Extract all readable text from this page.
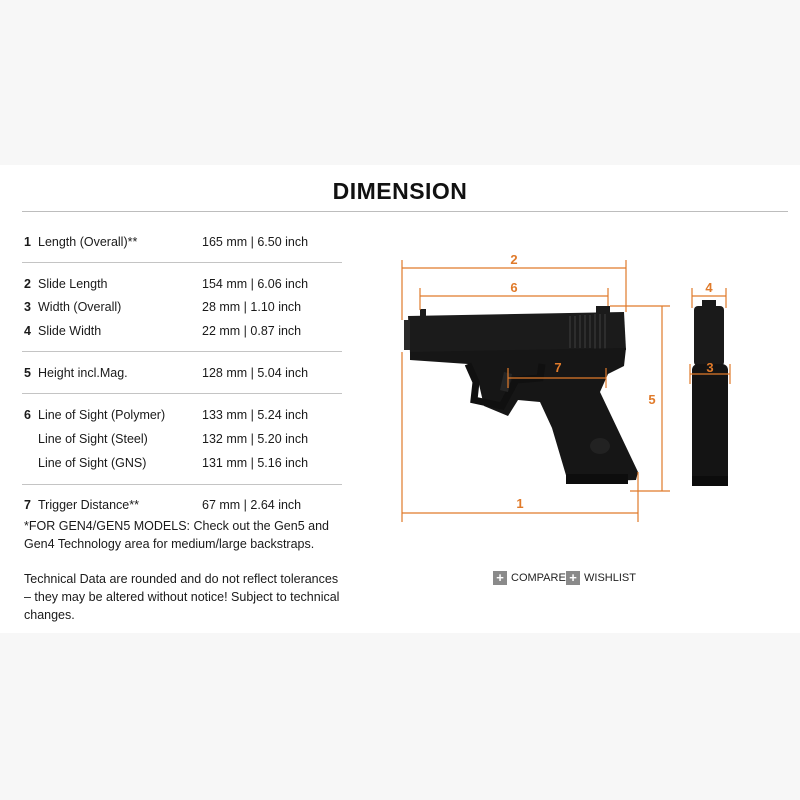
DIMENSION
1 Length (Overall)**	165 mm | 6.50 inch
2 Slide Length	154 mm | 6.06 inch
3 Width (Overall)	28 mm | 1.10 inch
4 Slide Width	22 mm | 0.87 inch
5 Height incl.Mag.	128 mm | 5.04 inch
6 Line of Sight (Polymer)	133 mm | 5.24 inch
Line of Sight (Steel)	132 mm | 5.20 inch
Line of Sight (GNS)	131 mm | 5.16 inch
7 Trigger Distance**	67 mm | 2.64 inch
*FOR GEN4/GEN5 MODELS: Check out the Gen5 and Gen4 Technology area for medium/large backstraps.
Technical Data are rounded and do not reflect tolerances – they may be altered without notice! Subject to technical changes.
2
6
1
5
7
4
3
+ COMPARE + WISHLIST
